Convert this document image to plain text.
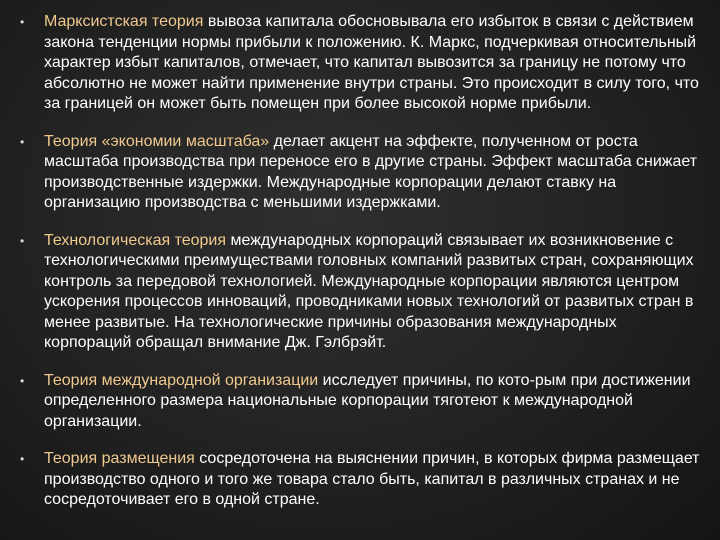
•	Марксистская теория вывоза капитала обосновывала его избыток в связи с действием закона тенденции нормы прибыли к положению. К. Маркс, подчеркивая относительный характер избыт капиталов, отмечает, что капитал вывозится за границу не потому что абсолютно не может найти применение внутри страны. Это происходит в силу того, что за границей он может быть помещен при более высокой норме прибыли.

•	Теория «экономии масштаба» делает акцент на эффекте, полученном от роста масштаба производства при переносе его в другие страны. Эффект масштаба снижает производственные издержки. Международные корпорации делают ставку на организацию производства с меньшими издержками.

•	Технологическая теория международных корпораций связывает их возникновение с технологическими преимуществами головных компаний развитых стран, сохраняющих контроль за передовой технологией. Международные корпорации являются центром ускорения процессов инноваций, проводниками новых технологий от развитых стран в менее развитые. На технологические причины образования международных корпораций обращал внимание Дж. Гэлбрэйт.

•	Теория международной организации исследует причины, по кото-рым при достижении определенного размера национальные корпорации тяготеют к международной организации.

•	Теория размещения сосредоточена на выяснении причин, в которых фирма размещает производство одного и того же товара стало быть, капитал в различных странах и не сосредоточивает его в одной стране.
